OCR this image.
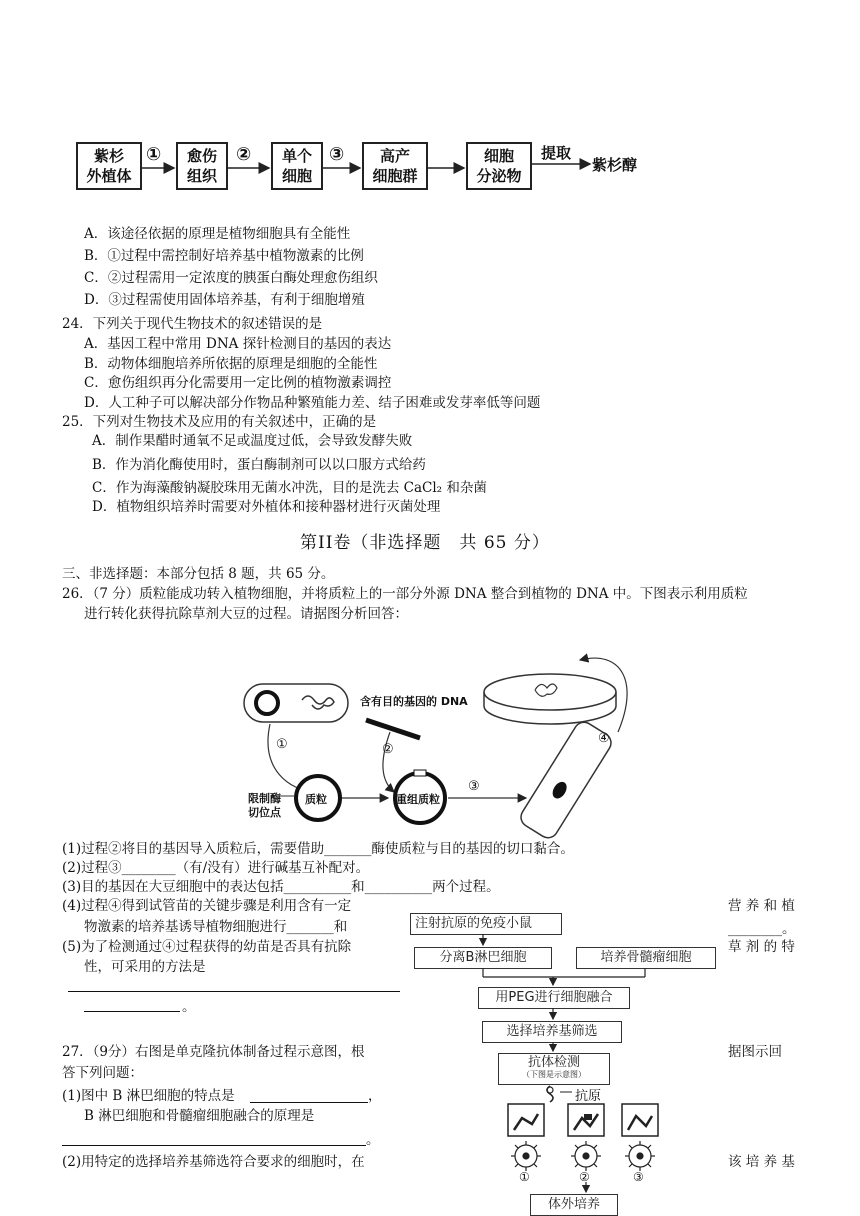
紫杉
外植体
愈伤
组织
单个
细胞
高产
细胞群
细胞
分泌物
①	②	③	提取
紫杉醇
A．该途径依据的原理是植物细胞具有全能性
B．①过程中需控制好培养基中植物激素的比例
C．②过程需用一定浓度的胰蛋白酶处理愈伤组织
D．③过程需使用固体培养基，有利于细胞增殖
24．下列关于现代生物技术的叙述错误的是
A．基因工程中常用 DNA 探针检测目的基因的表达
B．动物体细胞培养所依据的原理是细胞的全能性
C．愈伤组织再分化需要用一定比例的植物激素调控
D．人工种子可以解决部分作物品种繁殖能力差、结子困难或发芽率低等问题
25．下列对生物技术及应用的有关叙述中，正确的是
A．制作果醋时通氧不足或温度过低，会导致发酵失败
B．作为消化酶使用时，蛋白酶制剂可以以口服方式给药
C．作为海藻酸钠凝胶珠用无菌水冲洗，目的是洗去 CaCl₂ 和杂菌
D．植物组织培养时需要对外植体和接种器材进行灭菌处理
第II卷（非选择题　共 65 分）
三、非选择题：本部分包括 8 题，共 65 分。
26．（7 分）质粒能成功转入植物细胞，并将质粒上的一部分外源 DNA 整合到植物的 DNA 中。下图表示利用质粒
进行转化获得抗除草剂大豆的过程。请据图分析回答：
含有目的基因的 DNA
限制酶
切位点
质粒	重组质粒
①	②
③
④
(1)过程②将目的基因导入质粒后，需要借助_______酶使质粒与目的基因的切口黏合。
(2)过程③________（有/没有）进行碱基互补配对。
(3)目的基因在大豆细胞中的表达包括__________和__________两个过程。
(4)过程④得到试管苗的关键步骤是利用含有一定	营 养 和 植
物激素的培养基诱导植物细胞进行_______和	________。
(5)为了检测通过④过程获得的幼苗是否具有抗除	草 剂 的 特
性，可采用的方法是
。
27．（9分）右图是单克隆抗体制备过程示意图，根	据图示回
答下列问题：
(1)图中 B 淋巴细胞的特点是	，
B 淋巴细胞和骨髓瘤细胞融合的原理是
。
(2)用特定的选择培养基筛选符合要求的细胞时，在	该 培 养 基
注射抗原的免疫小鼠
分离B淋巴细胞	培养骨髓瘤细胞
用PEG进行细胞融合
选择培养基筛选
抗体检测
（下图是示意图）
抗原
体外培养
①	②	③
